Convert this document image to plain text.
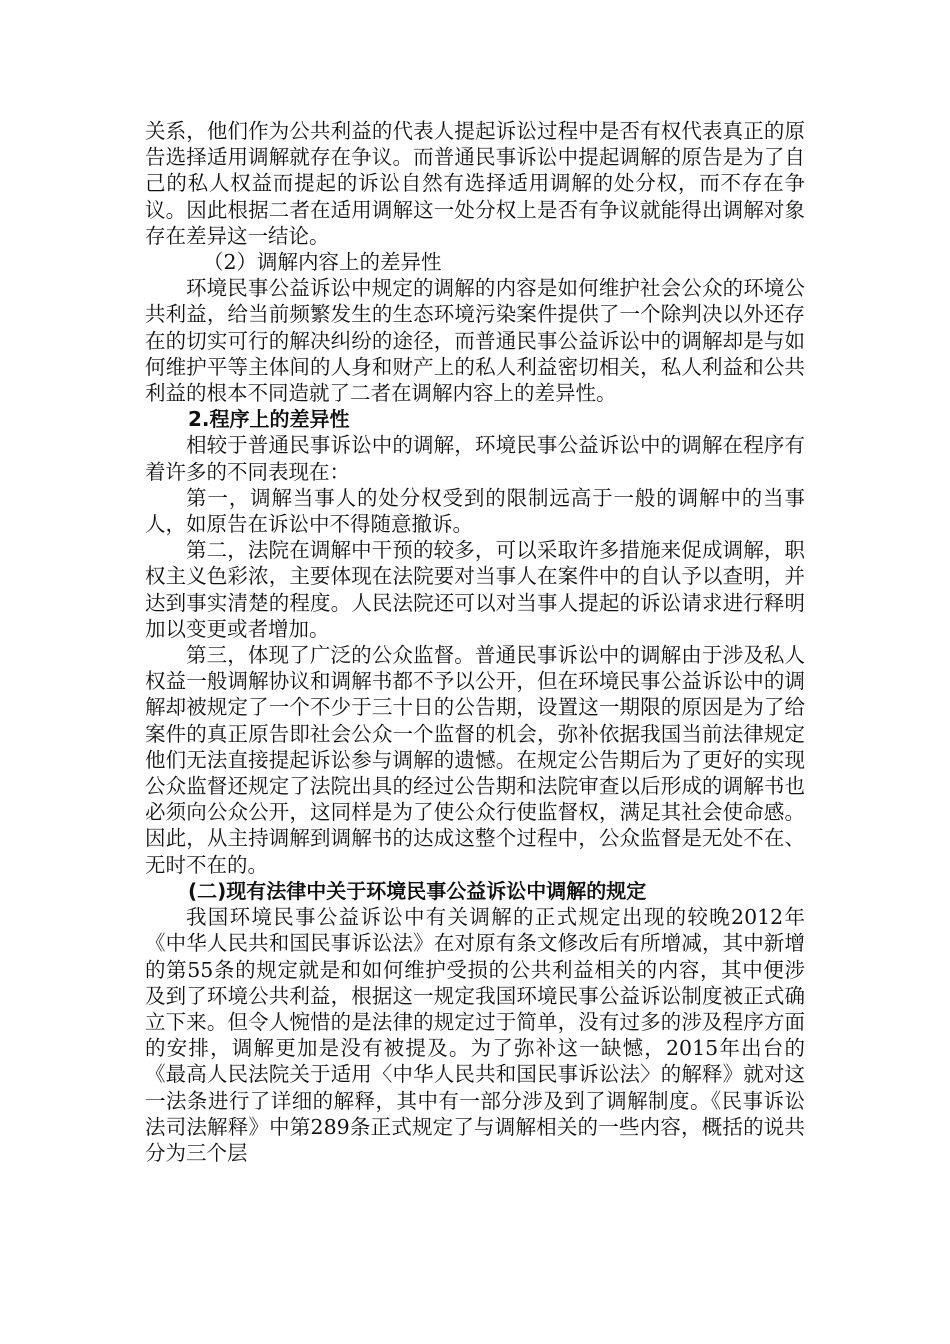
关系，他们作为公共利益的代表人提起诉讼过程中是否有权代表真正的原告选择适用调解就存在争议。而普通民事诉讼中提起调解的原告是为了自己的私人权益而提起的诉讼自然有选择适用调解的处分权，而不存在争议。因此根据二者在适用调解这一处分权上是否有争议就能得出调解对象存在差异这一结论。

（2）调解内容上的差异性

环境民事公益诉讼中规定的调解的内容是如何维护社会公众的环境公共利益，给当前频繁发生的生态环境污染案件提供了一个除判决以外还存在的切实可行的解决纠纷的途径，而普通民事公益诉讼中的调解却是与如何维护平等主体间的人身和财产上的私人利益密切相关，私人利益和公共利益的根本不同造就了二者在调解内容上的差异性。

2.程序上的差异性

相较于普通民事诉讼中的调解，环境民事公益诉讼中的调解在程序有着许多的不同表现在：

第一，调解当事人的处分权受到的限制远高于一般的调解中的当事人，如原告在诉讼中不得随意撤诉。

第二，法院在调解中干预的较多，可以采取许多措施来促成调解，职权主义色彩浓，主要体现在法院要对当事人在案件中的自认予以查明，并达到事实清楚的程度。人民法院还可以对当事人提起的诉讼请求进行释明加以变更或者增加。

第三，体现了广泛的公众监督。普通民事诉讼中的调解由于涉及私人权益一般调解协议和调解书都不予以公开，但在环境民事公益诉讼中的调解却被规定了一个不少于三十日的公告期，设置这一期限的原因是为了给案件的真正原告即社会公众一个监督的机会，弥补依据我国当前法律规定他们无法直接提起诉讼参与调解的遗憾。在规定公告期后为了更好的实现公众监督还规定了法院出具的经过公告期和法院审查以后形成的调解书也必须向公众公开，这同样是为了使公众行使监督权，满足其社会使命感。因此，从主持调解到调解书的达成这整个过程中，公众监督是无处不在、无时不在的。

(二)现有法律中关于环境民事公益诉讼中调解的规定

我国环境民事公益诉讼中有关调解的正式规定出现的较晚2012年《中华人民共和国民事诉讼法》在对原有条文修改后有所增减，其中新增的第55条的规定就是和如何维护受损的公共利益相关的内容，其中便涉及到了环境公共利益，根据这一规定我国环境民事公益诉讼制度被正式确立下来。但令人惋惜的是法律的规定过于简单，没有过多的涉及程序方面的安排，调解更加是没有被提及。为了弥补这一缺憾，2015年出台的《最高人民法院关于适用〈中华人民共和国民事诉讼法〉的解释》就对这一法条进行了详细的解释，其中有一部分涉及到了调解制度。《民事诉讼法司法解释》中第289条正式规定了与调解相关的一些内容，概括的说共分为三个层
